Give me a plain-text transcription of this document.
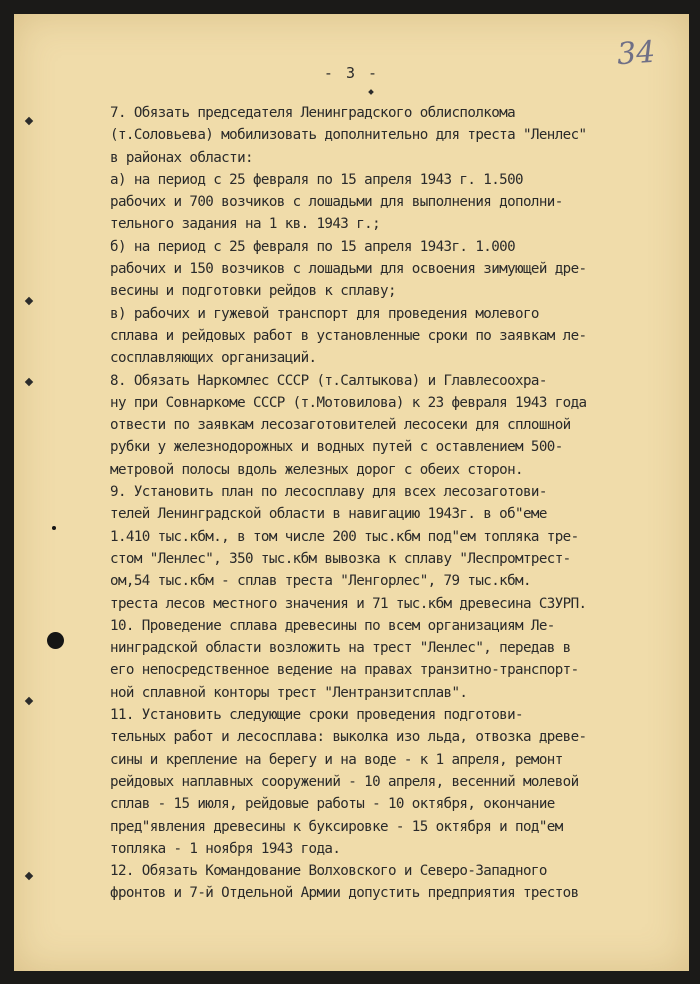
34
- 3 -
7. Обязать председателя Ленинградского облисполкома
(т.Соловьева) мобилизовать дополнительно для треста "Ленлес"
в районах области:
а) на период с 25 февраля по 15 апреля 1943 г. 1.500
рабочих и 700 возчиков с лошадьми для выполнения дополни-
тельного задания на 1 кв. 1943 г.;
б) на период с 25 февраля по 15 апреля 1943г. 1.000
рабочих и 150 возчиков с лошадьми для освоения зимующей дре-
весины и подготовки рейдов к сплаву;
в) рабочих и гужевой транспорт для проведения молевого
сплава и рейдовых работ в установленные сроки по заявкам ле-
сосплавляющих организаций.
8. Обязать Наркомлес СССР (т.Салтыкова) и Главлесоохра-
ну при Совнаркоме СССР (т.Мотовилова) к 23 февраля 1943 года
отвести по заявкам лесозаготовителей лесосеки для сплошной
рубки у железнодорожных и водных путей с оставлением 500-
метровой полосы вдоль железных дорог с обеих сторон.
9. Установить план по лесосплаву для всех лесозаготови-
телей Ленинградской области в навигацию 1943г. в об"еме
1.410 тыс.кбм., в том числе 200 тыс.кбм под"ем топляка тре-
стом "Ленлес", 350 тыс.кбм вывозка к сплаву "Леспромтрест-
ом,54 тыс.кбм - сплав треста "Ленгорлес", 79 тыс.кбм.
треста лесов местного значения и 71 тыс.кбм древесина СЗУРП.
10. Проведение сплава древесины по всем организациям Ле-
нинградской области возложить на трест "Ленлес", передав в
его непосредственное ведение на правах транзитно-транспорт-
ной сплавной конторы трест "Лентранзитсплав".
11. Установить следующие сроки проведения подготови-
тельных работ и лесосплава: выколка изо льда, отвозка древе-
сины и крепление на берегу и на воде - к 1 апреля, ремонт
рейдовых наплавных сооружений - 10 апреля, весенний молевой
сплав - 15 июля, рейдовые работы - 10 октября, окончание
пред"явления древесины к буксировке - 15 октября и под"ем
топляка - 1 ноября 1943 года.
12. Обязать Командование Волховского и Северо-Западного
фронтов и 7-й Отдельной Армии допустить предприятия трестов
